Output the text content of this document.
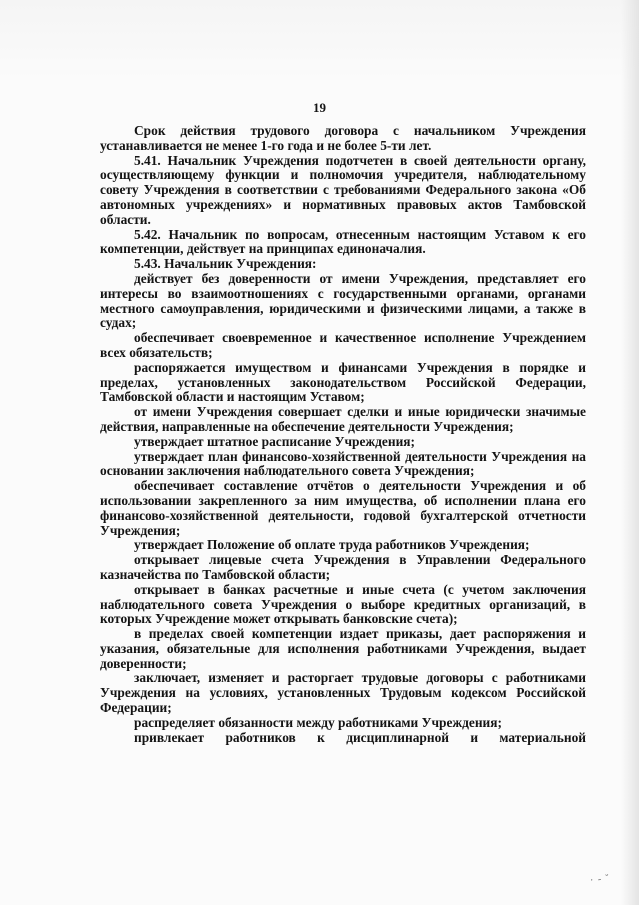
19

Срок действия трудового договора с начальником Учреждения устанавливается не менее 1-го года и не более 5-ти лет.

5.41. Начальник Учреждения подотчетен в своей деятельности органу, осуществляющему функции и полномочия учредителя, наблюдательному совету Учреждения в соответствии с требованиями Федерального закона «Об автономных учреждениях» и нормативных правовых актов Тамбовской области.

5.42. Начальник по вопросам, отнесенным настоящим Уставом к его компетенции, действует на принципах единоначалия.

5.43. Начальник Учреждения:

действует без доверенности от имени Учреждения, представляет его интересы во взаимоотношениях с государственными органами, органами местного самоуправления, юридическими и физическими лицами, а также в судах;

обеспечивает своевременное и качественное исполнение Учреждением всех обязательств;

распоряжается имуществом и финансами Учреждения в порядке и пределах, установленных законодательством Российской Федерации, Тамбовской области и настоящим Уставом;

от имени Учреждения совершает сделки и иные юридически значимые действия, направленные на обеспечение деятельности Учреждения;

утверждает штатное расписание Учреждения;

утверждает план финансово-хозяйственной деятельности Учреждения на основании заключения наблюдательного совета Учреждения;

обеспечивает составление отчётов о деятельности Учреждения и об использовании закрепленного за ним имущества, об исполнении плана его финансово-хозяйственной деятельности, годовой бухгалтерской отчетности Учреждения;

утверждает Положение об оплате труда работников Учреждения;

открывает лицевые счета Учреждения в Управлении Федерального казначейства по Тамбовской области;

открывает в банках расчетные и иные счета (с учетом заключения наблюдательного совета Учреждения о выборе кредитных организаций, в которых Учреждение может открывать банковские счета);

в пределах своей компетенции издает приказы, дает распоряжения и указания, обязательные для исполнения работниками Учреждения, выдает доверенности;

заключает, изменяет и расторгает трудовые договоры с работниками Учреждения на условиях, установленных Трудовым кодексом Российской Федерации;

распределяет обязанности между работниками Учреждения;

привлекает работников к дисциплинарной и материальной

· - ˘
